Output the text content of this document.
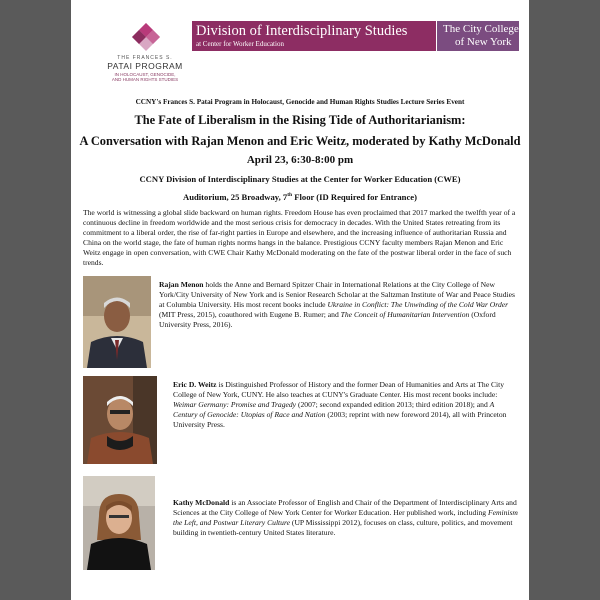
THE FRANCES S.
PATAI PROGRAM
IN HOLOCAUST, GENOCIDE,
AND HUMAN RIGHTS STUDIES
Division of Interdisciplinary Studies
at Center for Worker Education
The City College
of New York
CCNY's Frances S. Patai Program in Holocaust, Genocide and Human Rights Studies Lecture Series Event
The Fate of Liberalism in the Rising Tide of Authoritarianism:
A Conversation with Rajan Menon and Eric Weitz, moderated by Kathy McDonald
April 23, 6:30-8:00 pm
CCNY Division of Interdisciplinary Studies at the Center for Worker Education (CWE)
Auditorium, 25 Broadway, 7th Floor (ID Required for Entrance)

The world is witnessing a global slide backward on human rights. Freedom House has even proclaimed that 2017 marked the twelfth year of a continuous decline in freedom worldwide and the most serious crisis for democracy in decades. With the United States retreating from its commitment to a liberal order, the rise of far-right parties in Europe and elsewhere, and the increasing influence of authoritarian Russia and China on the world stage, the fate of human rights norms hangs in the balance. Prestigious CCNY faculty members Rajan Menon and Eric Weitz engage in open conversation, with CWE Chair Kathy McDonald moderating on the fate of the postwar liberal order in the face of such trends.

Rajan Menon holds the Anne and Bernard Spitzer Chair in International Relations at the City College of New York/City University of New York and is Senior Research Scholar at the Saltzman Institute of War and Peace Studies at Columbia University. His most recent books include Ukraine in Conflict: The Unwinding of the Cold War Order (MIT Press, 2015), coauthored with Eugene B. Rumer; and The Conceit of Humanitarian Intervention (Oxford University Press, 2016).

Eric D. Weitz is Distinguished Professor of History and the former Dean of Humanities and Arts at The City College of New York, CUNY. He also teaches at CUNY's Graduate Center. His most recent books include: Weimar Germany: Promise and Tragedy (2007; second expanded edition 2013; third edition 2018); and A Century of Genocide: Utopias of Race and Nation (2003; reprint with new foreword 2014), all with Princeton University Press.

Kathy McDonald is an Associate Professor of English and Chair of the Department of Interdisciplinary Arts and Sciences at the City College of New York Center for Worker Education. Her published work, including Feminism the Left, and Postwar Literary Culture (UP Mississippi 2012), focuses on class, culture, politics, and movement building in twentieth-century United States literature.
